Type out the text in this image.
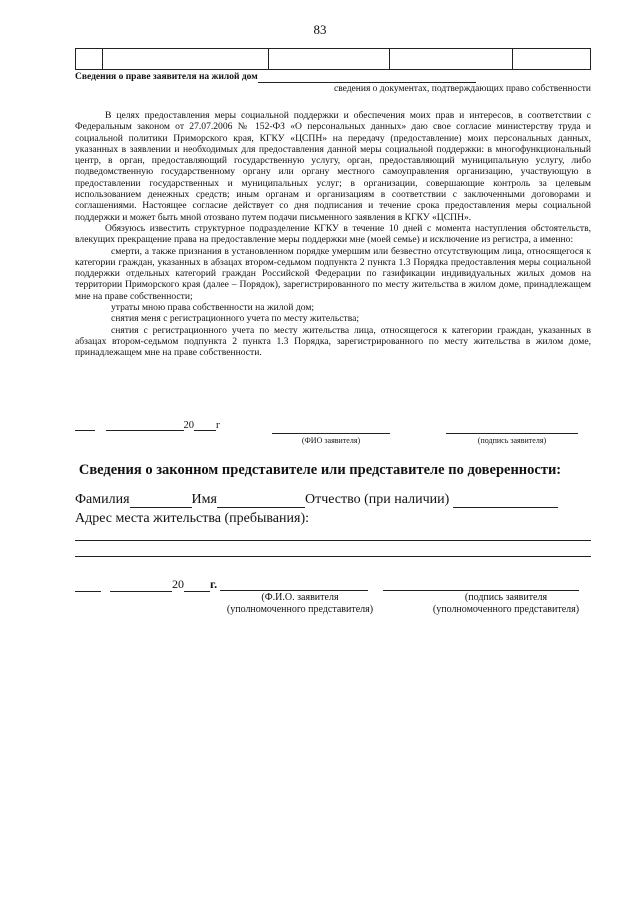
83

Сведения о праве заявителя на жилой дом
сведения о документах, подтверждающих право собственности

В целях предоставления меры социальной поддержки и обеспечения моих прав и интересов, в соответствии с Федеральным законом от 27.07.2006 № 152-ФЗ «О персональных данных» даю свое согласие министерству труда и социальной политики Приморского края, КГКУ «ЦСПН» на передачу (предоставление) моих персональных данных, указанных в заявлении и необходимых для предоставления данной меры социальной поддержки: в многофункциональный центр, в орган, предоставляющий государственную услугу, орган, предоставляющий муниципальную услугу, либо подведомственную государственному органу или органу местного самоуправления организацию, участвующую в предоставлении государственных и муниципальных услуг; в организации, совершающие контроль за целевым использованием денежных средств; иным органам и организациям в соответствии с заключенными договорами и соглашениями. Настоящее согласие действует со дня подписания и течение срока предоставления меры социальной поддержки и может быть мной отозвано путем подачи письменного заявления в КГКУ «ЦСПН».

Обязуюсь известить структурное подразделение КГКУ в течение 10 дней с момента наступления обстоятельств, влекущих прекращение права на предоставление меры поддержки мне (моей семье) и исключение из регистра, а именно:

смерти, а также признания в установленном порядке умершим или безвестно отсутствующим лица, относящегося к категории граждан, указанных в абзацах втором-седьмом подпункта 2 пункта 1.3 Порядка предоставления меры социальной поддержки отдельных категорий граждан Российской Федерации по газификации индивидуальных жилых домов на территории Приморского края (далее – Порядок), зарегистрированного по месту жительства в жилом доме, принадлежащем мне на праве собственности;

утраты мною права собственности на жилой дом;

снятия меня с регистрационного учета по месту жительства;

снятия с регистрационного учета по месту жительства лица, относящегося к категории граждан, указанных в абзацах втором-седьмом подпункта 2 пункта 1.3 Порядка, зарегистрированного по месту жительства в жилом доме, принадлежащем мне на праве собственности.

20 г
(ФИО заявителя)	(подпись заявителя)
Сведения о законном представителе или представителе по доверенности:
Фамилия	Имя	Отчество (при наличии)
Адрес места жительства (пребывания):
20 г.
(Ф.И.О. заявителя
(уполномоченного представителя)
(подпись заявителя
(уполномоченного представителя)
